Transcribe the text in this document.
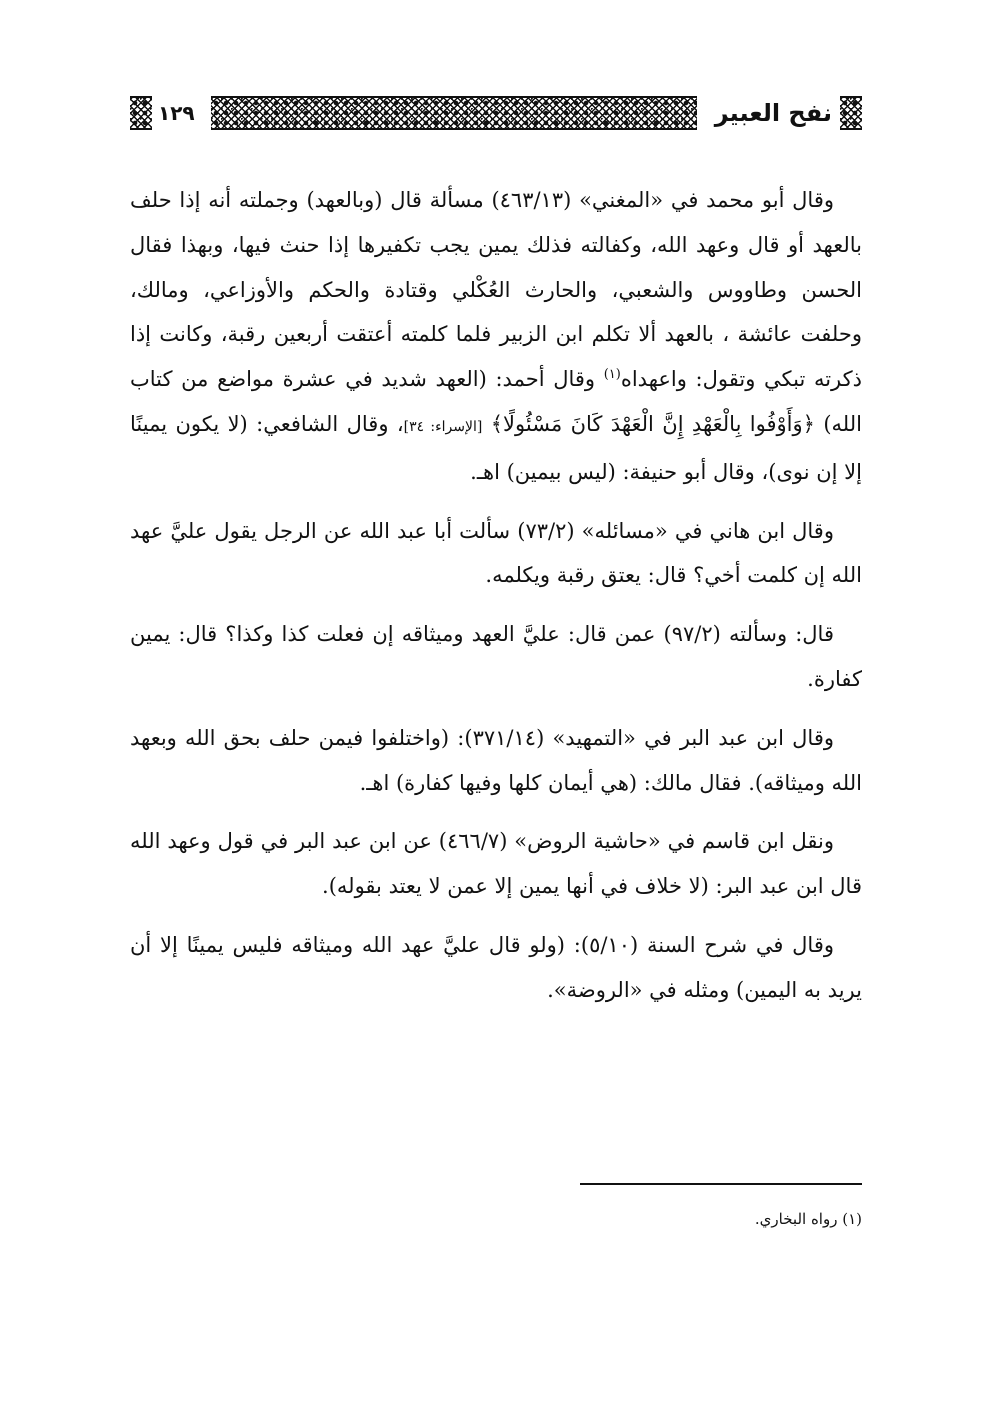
نفح العبير
١٢٩

وقال أبو محمد في «المغني» (٤٦٣/١٣) مسألة قال (وبالعهد) وجملته أنه إذا حلف بالعهد أو قال وعهد الله، وكفالته فذلك يمين يجب تكفيرها إذا حنث فيها، وبهذا فقال الحسن وطاووس والشعبي، والحارث العُكْلي وقتادة والحكم والأوزاعي، ومالك، وحلفت عائشة ، بالعهد ألا تكلم ابن الزبير فلما كلمته أعتقت أربعين رقبة، وكانت إذا ذكرته تبكي وتقول: واعهداه$^{(١)}$ وقال أحمد: (العهد شديد في عشرة مواضع من كتاب الله) ﴿وَأَوْفُوا بِالْعَهْدِ إِنَّ الْعَهْدَ كَانَ مَسْئُولًا﴾ [الإسراء: ٣٤]، وقال الشافعي: (لا يكون يمينًا إلا إن نوى)، وقال أبو حنيفة: (ليس بيمين) اهـ.

وقال ابن هاني في «مسائله» (٧٣/٢) سألت أبا عبد الله عن الرجل يقول عليَّ عهد الله إن كلمت أخي؟ قال: يعتق رقبة ويكلمه.

قال: وسألته (٩٧/٢) عمن قال: عليَّ العهد وميثاقه إن فعلت كذا وكذا؟ قال: يمين كفارة.

وقال ابن عبد البر في «التمهيد» (٣٧١/١٤): (واختلفوا فيمن حلف بحق الله وبعهد الله وميثاقه). فقال مالك: (هي أيمان كلها وفيها كفارة) اهـ.

ونقل ابن قاسم في «حاشية الروض» (٤٦٦/٧) عن ابن عبد البر في قول وعهد الله قال ابن عبد البر: (لا خلاف في أنها يمين إلا عمن لا يعتد بقوله).

وقال في شرح السنة (٥/١٠): (ولو قال عليَّ عهد الله وميثاقه فليس يمينًا إلا أن يريد به اليمين) ومثله في «الروضة».

(١) رواه البخاري.
